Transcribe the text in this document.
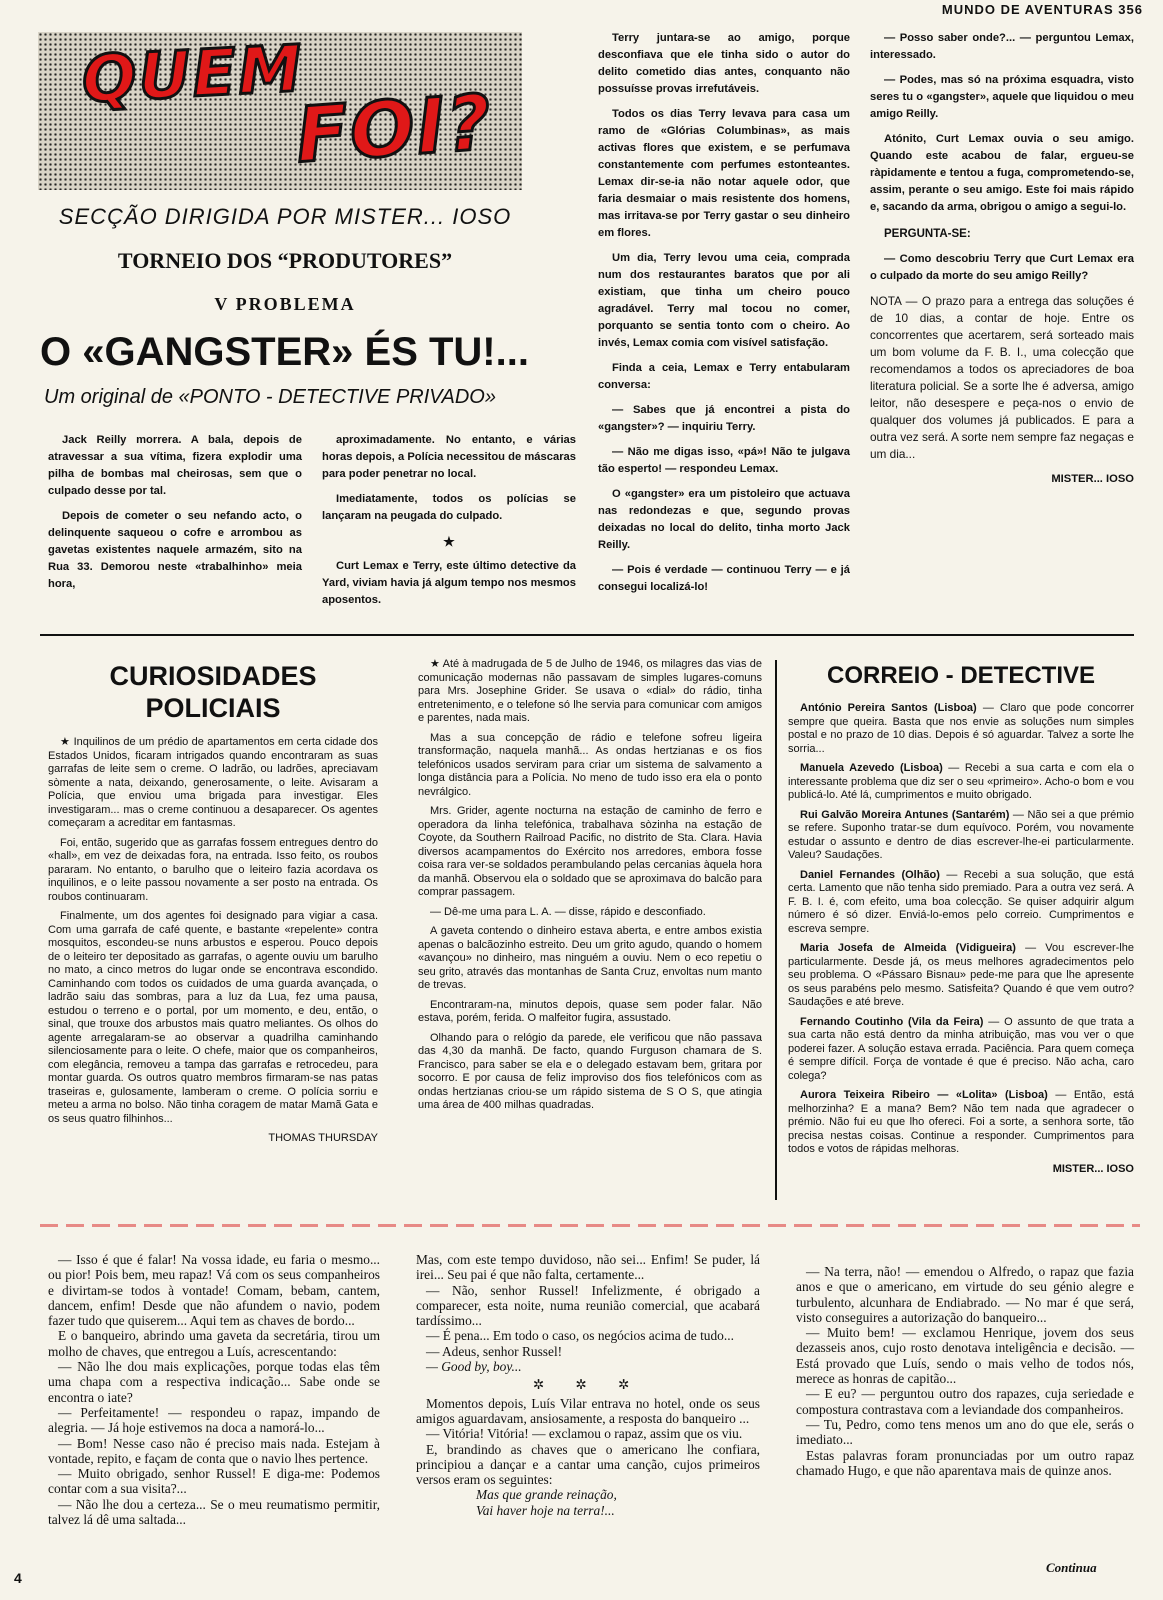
MUNDO DE AVENTURAS 356
QUEM
FOI?
SECÇÃO DIRIGIDA POR MISTER... IOSO
TORNEIO DOS “PRODUTORES”
V PROBLEMA
O «GANGSTER» ÉS TU!...
Um original de «PONTO - DETECTIVE PRIVADO»

Jack Reilly morrera. A bala, depois de atravessar a sua vítima, fizera explodir uma pilha de bombas mal cheirosas, sem que o culpado desse por tal.

Depois de cometer o seu nefando acto, o delinquente saqueou o cofre e arrombou as gavetas existentes naquele armazém, sito na Rua 33. Demorou neste «trabalhinho» meia hora,

aproximadamente. No entanto, e várias horas depois, a Polícia necessitou de máscaras para poder penetrar no local.

Imediatamente, todos os polícias se lançaram na peugada do culpado.

★

Curt Lemax e Terry, este último detective da Yard, viviam havia já algum tempo nos mesmos aposentos.

Terry juntara-se ao amigo, porque desconfiava que ele tinha sido o autor do delito cometido dias antes, conquanto não possuísse provas irrefutáveis.

Todos os dias Terry levava para casa um ramo de «Glórias Columbinas», as mais activas flores que existem, e se perfumava constantemente com perfumes estonteantes. Lemax dir-se-ia não notar aquele odor, que faria desmaiar o mais resistente dos homens, mas irritava-se por Terry gastar o seu dinheiro em flores.

Um dia, Terry levou uma ceia, comprada num dos restaurantes baratos que por ali existiam, que tinha um cheiro pouco agradável. Terry mal tocou no comer, porquanto se sentia tonto com o cheiro. Ao invés, Lemax comia com visível satisfação.

Finda a ceia, Lemax e Terry entabularam conversa:

— Sabes que já encontrei a pista do «gangster»? — inquiriu Terry.

— Não me digas isso, «pá»! Não te julgava tão esperto! — respondeu Lemax.

O «gangster» era um pistoleiro que actuava nas redondezas e que, segundo provas deixadas no local do delito, tinha morto Jack Reilly.

— Pois é verdade — continuou Terry — e já consegui localizá-lo!

— Posso saber onde?... — perguntou Lemax, interessado.

— Podes, mas só na próxima esquadra, visto seres tu o «gangster», aquele que liquidou o meu amigo Reilly.

Atónito, Curt Lemax ouvia o seu amigo. Quando este acabou de falar, ergueu-se ràpidamente e tentou a fuga, comprometendo-se, assim, perante o seu amigo. Este foi mais rápido e, sacando da arma, obrigou o amigo a segui-lo.

PERGUNTA-SE:

— Como descobriu Terry que Curt Lemax era o culpado da morte do seu amigo Reilly?

NOTA — O prazo para a entrega das soluções é de 10 dias, a contar de hoje. Entre os concorrentes que acertarem, será sorteado mais um bom volume da F. B. I., uma colecção que recomendamos a todos os apreciadores de boa literatura policial. Se a sorte lhe é adversa, amigo leitor, não desespere e peça-nos o envio de qualquer dos volumes já publicados. E para a outra vez será. A sorte nem sempre faz negaças e um dia...

MISTER... IOSO

CURIOSIDADES
POLICIAIS

★ Inquilinos de um prédio de apartamentos em certa cidade dos Estados Unidos, ficaram intrigados quando encontraram as suas garrafas de leite sem o creme. O ladrão, ou ladrões, apreciavam sòmente a nata, deixando, generosamente, o leite. Avisaram a Polícia, que enviou uma brigada para investigar. Eles investigaram... mas o creme continuou a desaparecer. Os agentes começaram a acreditar em fantasmas.

Foi, então, sugerido que as garrafas fossem entregues dentro do «hall», em vez de deixadas fora, na entrada. Isso feito, os roubos pararam. No entanto, o barulho que o leiteiro fazia acordava os inquilinos, e o leite passou novamente a ser posto na entrada. Os roubos continuaram.

Finalmente, um dos agentes foi designado para vigiar a casa. Com uma garrafa de café quente, e bastante «repelente» contra mosquitos, escondeu-se nuns arbustos e esperou. Pouco depois de o leiteiro ter depositado as garrafas, o agente ouviu um barulho no mato, a cinco metros do lugar onde se encontrava escondido. Caminhando com todos os cuidados de uma guarda avançada, o ladrão saiu das sombras, para a luz da Lua, fez uma pausa, estudou o terreno e o portal, por um momento, e deu, então, o sinal, que trouxe dos arbustos mais quatro meliantes. Os olhos do agente arregalaram-se ao observar a quadrilha caminhando silenciosamente para o leite. O chefe, maior que os companheiros, com elegância, removeu a tampa das garrafas e retrocedeu, para montar guarda. Os outros quatro membros firmaram-se nas patas traseiras e, gulosamente, lamberam o creme. O polícia sorriu e meteu a arma no bolso. Não tinha coragem de matar Mamã Gata e os seus quatro filhinhos...

THOMAS THURSDAY

★ Até à madrugada de 5 de Julho de 1946, os milagres das vias de comunicação modernas não passavam de simples lugares-comuns para Mrs. Josephine Grider. Se usava o «dial» do rádio, tinha entretenimento, e o telefone só lhe servia para comunicar com amigos e parentes, nada mais.

Mas a sua concepção de rádio e telefone sofreu ligeira transformação, naquela manhã... As ondas hertzianas e os fios telefónicos usados serviram para criar um sistema de salvamento a longa distância para a Polícia. No meno de tudo isso era ela o ponto nevrálgico.

Mrs. Grider, agente nocturna na estação de caminho de ferro e operadora da linha telefónica, trabalhava sòzinha na estação de Coyote, da Southern Railroad Pacific, no distrito de Sta. Clara. Havia diversos acampamentos do Exército nos arredores, embora fosse coisa rara ver-se soldados perambulando pelas cercanias àquela hora da manhã. Observou ela o soldado que se aproximava do balcão para comprar passagem.

— Dê-me uma para L. A. — disse, rápido e desconfiado.

A gaveta contendo o dinheiro estava aberta, e entre ambos existia apenas o balcãozinho estreito. Deu um grito agudo, quando o homem «avançou» no dinheiro, mas ninguém a ouviu. Nem o eco repetiu o seu grito, através das montanhas de Santa Cruz, envoltas num manto de trevas.

Encontraram-na, minutos depois, quase sem poder falar. Não estava, porém, ferida. O malfeitor fugira, assustado.

Olhando para o relógio da parede, ele verificou que não passava das 4,30 da manhã. De facto, quando Furguson chamara de S. Francisco, para saber se ela e o delegado estavam bem, gritara por socorro. E por causa de feliz improviso dos fios telefónicos com as ondas hertzianas criou-se um rápido sistema de S O S, que atingia uma área de 400 milhas quadradas.

CORREIO - DETECTIVE

António Pereira Santos (Lisboa) — Claro que pode concorrer sempre que queira. Basta que nos envie as soluções num simples postal e no prazo de 10 dias. Depois é só aguardar. Talvez a sorte lhe sorria...

Manuela Azevedo (Lisboa) — Recebi a sua carta e com ela o interessante problema que diz ser o seu «primeiro». Acho-o bom e vou publicá-lo. Até lá, cumprimentos e muito obrigado.

Rui Galvão Moreira Antunes (Santarém) — Não sei a que prémio se refere. Suponho tratar-se dum equívoco. Porém, vou novamente estudar o assunto e dentro de dias escrever-lhe-ei particularmente. Valeu? Saudações.

Daniel Fernandes (Olhão) — Recebi a sua solução, que está certa. Lamento que não tenha sido premiado. Para a outra vez será. A F. B. I. é, com efeito, uma boa colecção. Se quiser adquirir algum número é só dizer. Enviá-lo-emos pelo correio. Cumprimentos e escreva sempre.

Maria Josefa de Almeida (Vidigueira) — Vou escrever-lhe particularmente. Desde já, os meus melhores agradecimentos pelo seu problema. O «Pássaro Bisnau» pede-me para que lhe apresente os seus parabéns pelo mesmo. Satisfeita? Quando é que vem outro? Saudações e até breve.

Fernando Coutinho (Vila da Feira) — O assunto de que trata a sua carta não está dentro da minha atribuição, mas vou ver o que poderei fazer. A solução estava errada. Paciência. Para quem começa é sempre difícil. Força de vontade é que é preciso. Não acha, caro colega?

Aurora Teixeira Ribeiro — «Lolita» (Lisboa) — Então, está melhorzinha? E a mana? Bem? Não tem nada que agradecer o prémio. Não fui eu que lho ofereci. Foi a sorte, a senhora sorte, tão precisa nestas coisas. Continue a responder. Cumprimentos para todos e votos de rápidas melhoras.

MISTER... IOSO

— Isso é que é falar! Na vossa idade, eu faria o mesmo... ou pior! Pois bem, meu rapaz! Vá com os seus companheiros e divirtam-se todos à vontade! Comam, bebam, cantem, dancem, enfim! Desde que não afundem o navio, podem fazer tudo que quiserem... Aqui tem as chaves de bordo...

E o banqueiro, abrindo uma gaveta da secretária, tirou um molho de chaves, que entregou a Luís, acrescentando:

— Não lhe dou mais explicações, porque todas elas têm uma chapa com a respectiva indicação... Sabe onde se encontra o iate?

— Perfeitamente! — respondeu o rapaz, impando de alegria. — Já hoje estivemos na doca a namorá-lo...

— Bom! Nesse caso não é preciso mais nada. Estejam à vontade, repito, e façam de conta que o navio lhes pertence.

— Muito obrigado, senhor Russel! E diga-me: Podemos contar com a sua visita?...

— Não lhe dou a certeza... Se o meu reumatismo permitir, talvez lá dê uma saltada...

Mas, com este tempo duvidoso, não sei... Enfim! Se puder, lá irei... Seu pai é que não falta, certamente...

— Não, senhor Russel! Infelizmente, é obrigado a comparecer, esta noite, numa reunião comercial, que acabará tardíssimo...

— É pena... Em todo o caso, os negócios acima de tudo...

— Adeus, senhor Russel!

— Good by, boy...

✲ ✲ ✲

Momentos depois, Luís Vilar entrava no hotel, onde os seus amigos aguardavam, ansiosamente, a resposta do banqueiro ...

— Vitória! Vitória! — exclamou o rapaz, assim que os viu.

E, brandindo as chaves que o americano lhe confiara, principiou a dançar e a cantar uma canção, cujos primeiros versos eram os seguintes:

Mas que grande reinação,

Vai haver hoje na terra!...

— Na terra, não! — emendou o Alfredo, o rapaz que fazia anos e que o americano, em virtude do seu génio alegre e turbulento, alcunhara de Endiabrado. — No mar é que será, visto conseguires a autorização do banqueiro...

— Muito bem! — exclamou Henrique, jovem dos seus dezasseis anos, cujo rosto denotava inteligência e decisão. — Está provado que Luís, sendo o mais velho de todos nós, merece as honras de capitão...

— E eu? — perguntou outro dos rapazes, cuja seriedade e compostura contrastava com a leviandade dos companheiros.

— Tu, Pedro, como tens menos um ano do que ele, serás o imediato...

Estas palavras foram pronunciadas por um outro rapaz chamado Hugo, e que não aparentava mais de quinze anos.

4
Continua
